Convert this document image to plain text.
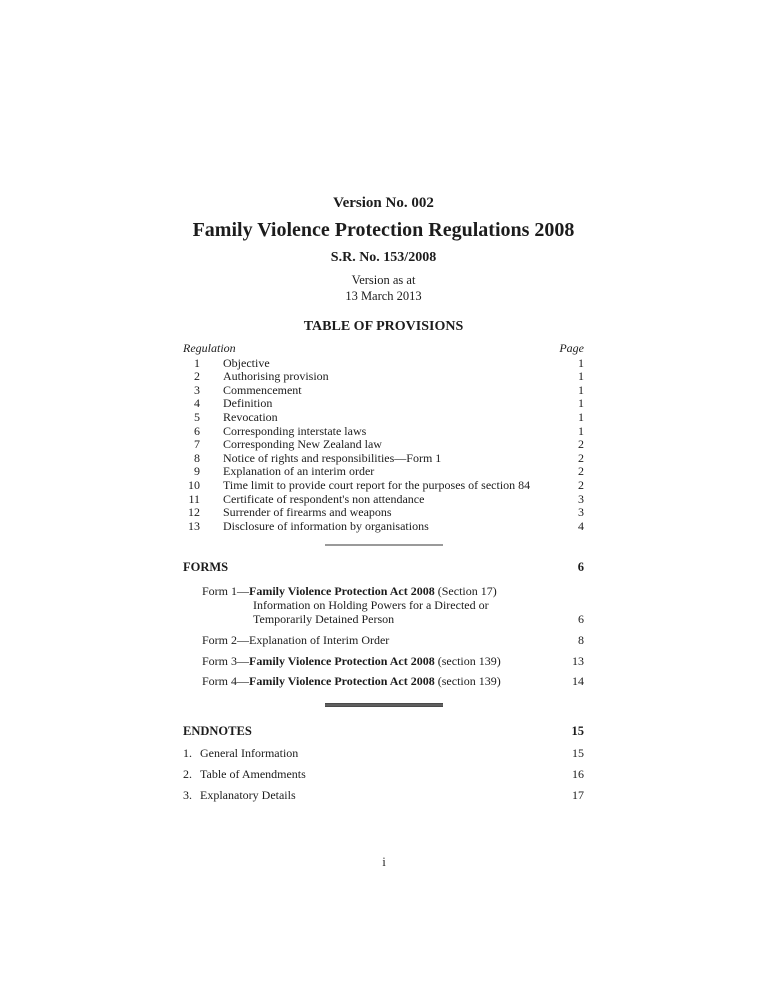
Version No. 002
Family Violence Protection Regulations 2008
S.R. No. 153/2008
Version as at
13 March 2013
TABLE OF PROVISIONS
Regulation	Page
1 Objective	1
2 Authorising provision	1
3 Commencement	1
4 Definition	1
5 Revocation	1
6 Corresponding interstate laws	1
7 Corresponding New Zealand law	2
8 Notice of rights and responsibilities—Form 1	2
9 Explanation of an interim order	2
10 Time limit to provide court report for the purposes of section 84	2
11 Certificate of respondent's non attendance	3
12 Surrender of firearms and weapons	3
13 Disclosure of information by organisations	4
FORMS	6
Form 1—Family Violence Protection Act 2008 (Section 17) Information on Holding Powers for a Directed or Temporarily Detained Person	6
Form 2—Explanation of Interim Order	8
Form 3—Family Violence Protection Act 2008 (section 139)	13
Form 4—Family Violence Protection Act 2008 (section 139)	14
ENDNOTES	15
1. General Information	15
2. Table of Amendments	16
3. Explanatory Details	17
i
